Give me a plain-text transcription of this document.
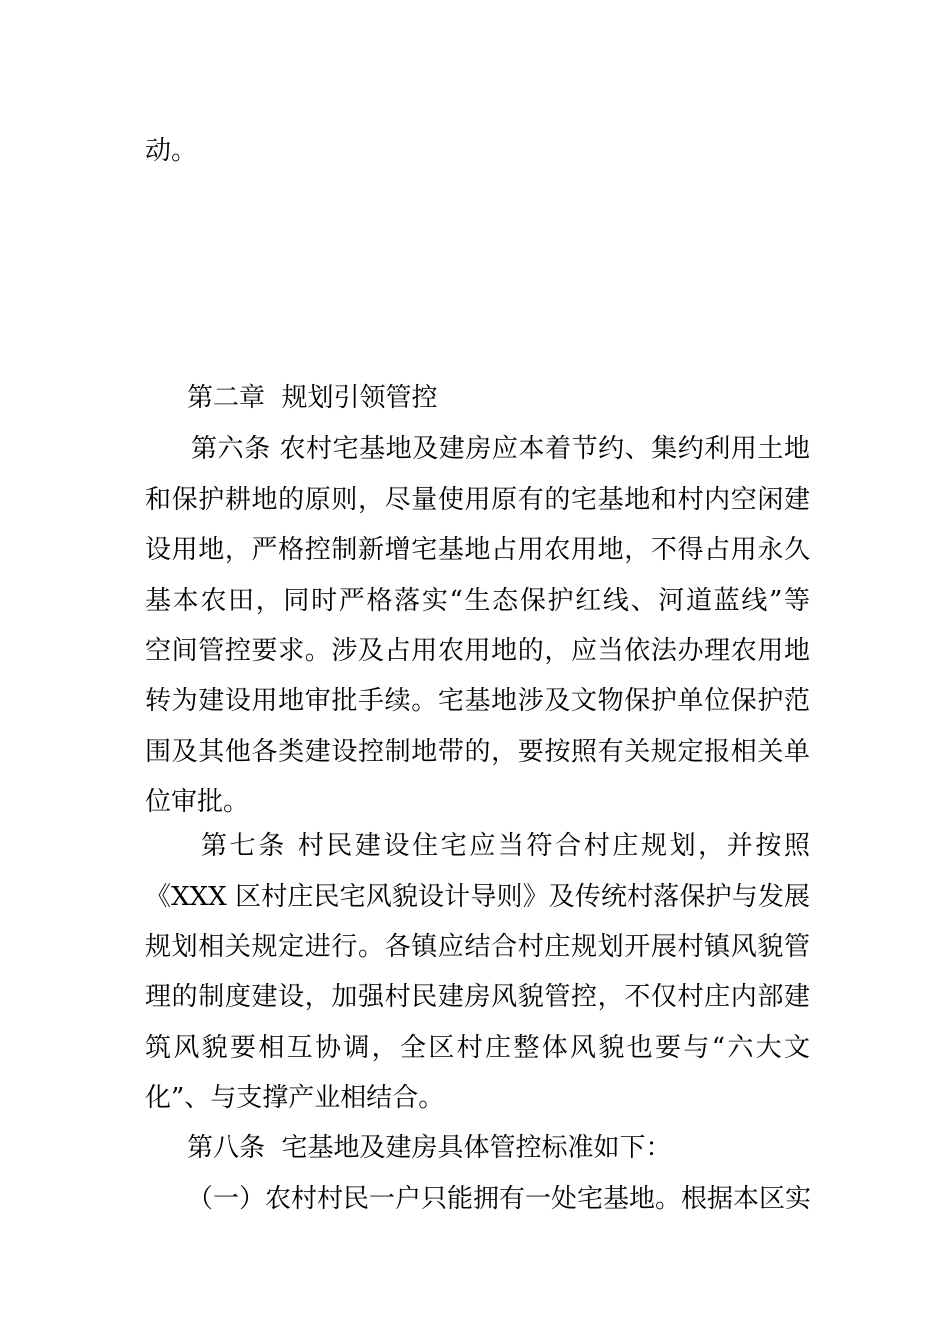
动。
第二章  规划引领管控
第六条 农村宅基地及建房应本着节约、集约利用土地
和保护耕地的原则，尽量使用原有的宅基地和村内空闲建
设用地，严格控制新增宅基地占用农用地，不得占用永久
基本农田，同时严格落实“生态保护红线、河道蓝线”等
空间管控要求。涉及占用农用地的，应当依法办理农用地
转为建设用地审批手续。宅基地涉及文物保护单位保护范
围及其他各类建设控制地带的，要按照有关规定报相关单
位审批。
第七条 村民建设住宅应当符合村庄规划，并按照
《XXX 区村庄民宅风貌设计导则》及传统村落保护与发展
规划相关规定进行。各镇应结合村庄规划开展村镇风貌管
理的制度建设，加强村民建房风貌管控，不仅村庄内部建
筑风貌要相互协调，全区村庄整体风貌也要与“六大文
化”、与支撑产业相结合。
第八条  宅基地及建房具体管控标准如下：
（一）农村村民一户只能拥有一处宅基地。根据本区实
